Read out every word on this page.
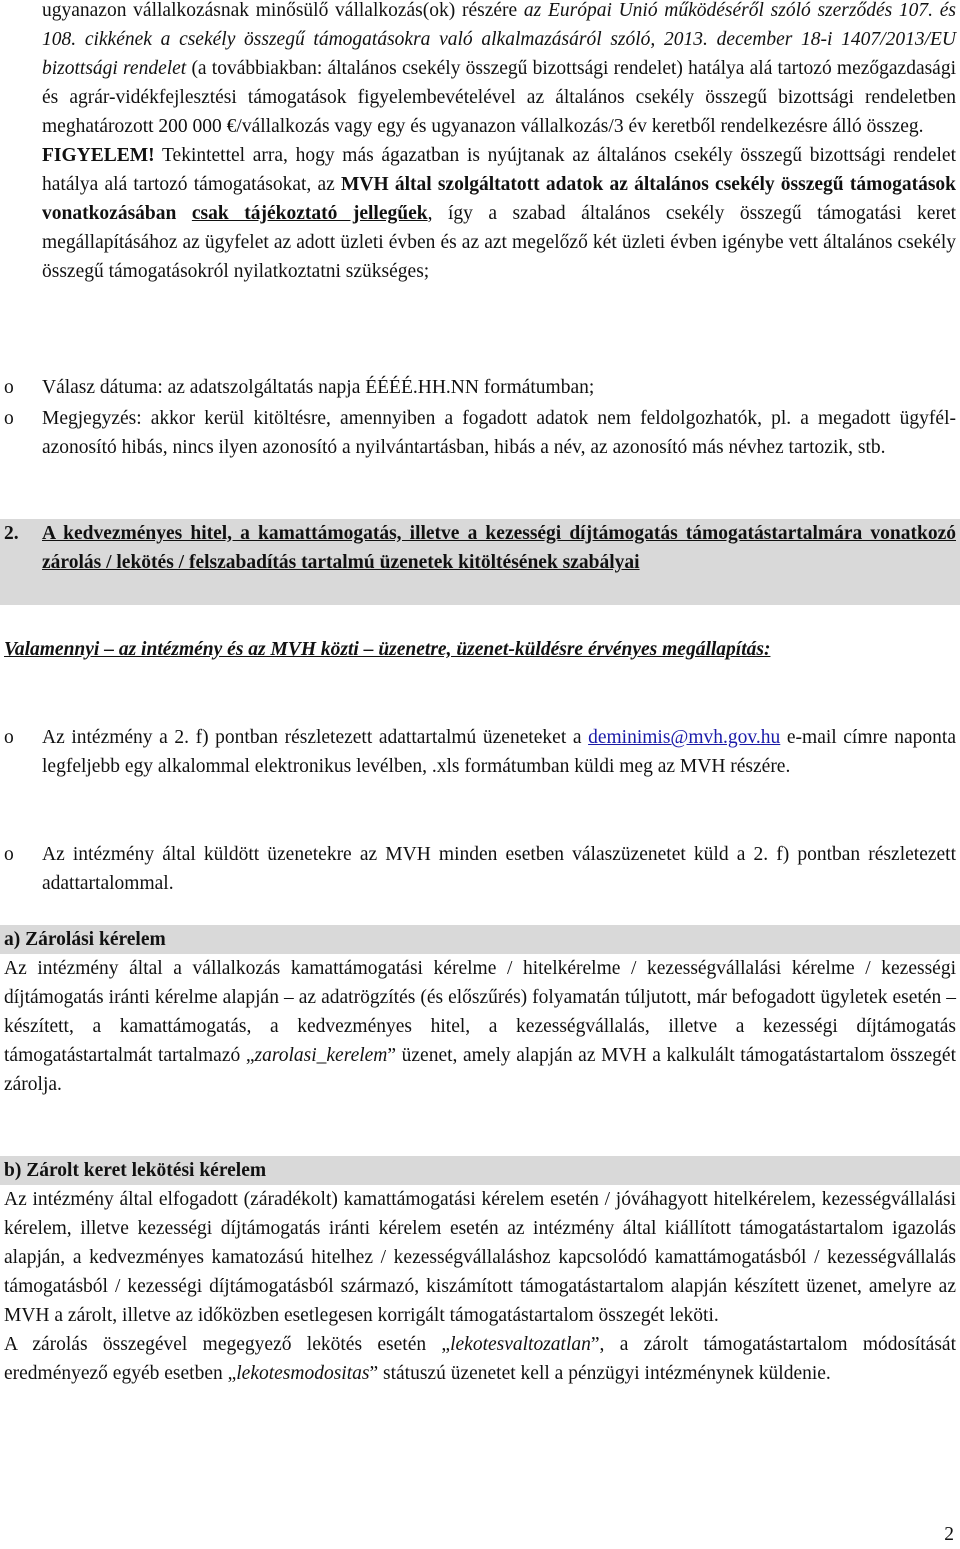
ugyanazon vállalkozásnak minősülő vállalkozás(ok) részére az Európai Unió működéséről szóló szerződés 107. és 108. cikkének a csekély összegű támogatásokra való alkalmazásáról szóló, 2013. december 18-i 1407/2013/EU bizottsági rendelet (a továbbiakban: általános csekély összegű bizottsági rendelet) hatálya alá tartozó mezőgazdasági és agrár-vidékfejlesztési támogatások figyelembevételével az általános csekély összegű bizottsági rendeletben meghatározott 200 000 €/vállalkozás vagy egy és ugyanazon vállalkozás/3 év keretből rendelkezésre álló összeg.

FIGYELEM! Tekintettel arra, hogy más ágazatban is nyújtanak az általános csekély összegű bizottsági rendelet hatálya alá tartozó támogatásokat, az MVH által szolgáltatott adatok az általános csekély összegű támogatások vonatkozásában csak tájékoztató jellegűek, így a szabad általános csekély összegű támogatási keret megállapításához az ügyfelet az adott üzleti évben és az azt megelőző két üzleti évben igénybe vett általános csekély összegű támogatásokról nyilatkoztatni szükséges;

o	Válasz dátuma: az adatszolgáltatás napja ÉÉÉÉ.HH.NN formátumban;

o	Megjegyzés: akkor kerül kitöltésre, amennyiben a fogadott adatok nem feldolgozhatók, pl. a megadott ügyfél-azonosító hibás, nincs ilyen azonosító a nyilvántartásban, hibás a név, az azonosító más névhez tartozik, stb.

2.	A kedvezményes hitel, a kamattámogatás, illetve a kezességi díjtámogatás támogatástartalmára vonatkozó zárolás / lekötés / felszabadítás tartalmú üzenetek kitöltésének szabályai

Valamennyi – az intézmény és az MVH közti – üzenetre, üzenet-küldésre érvényes megállapítás:

o	Az intézmény a 2. f) pontban részletezett adattartalmú üzeneteket a deminimis@mvh.gov.hu e-mail címre naponta legfeljebb egy alkalommal elektronikus levélben, .xls formátumban küldi meg az MVH részére.

o	Az intézmény által küldött üzenetekre az MVH minden esetben válaszüzenetet küld a 2. f) pontban részletezett adattartalommal.

a) Zárolási kérelem

Az intézmény által a vállalkozás kamattámogatási kérelme / hitelkérelme / kezességvállalási kérelme / kezességi díjtámogatás iránti kérelme alapján – az adatrögzítés (és előszűrés) folyamatán túljutott, már befogadott ügyletek esetén – készített, a kamattámogatás, a kedvezményes hitel, a kezességvállalás, illetve a kezességi díjtámogatás támogatástartalmát tartalmazó „zarolasi_kerelem” üzenet, amely alapján az MVH a kalkulált támogatástartalom összegét zárolja.

b) Zárolt keret lekötési kérelem

Az intézmény által elfogadott (záradékolt) kamattámogatási kérelem esetén / jóváhagyott hitelkérelem, kezességvállalási kérelem, illetve kezességi díjtámogatás iránti kérelem esetén az intézmény által kiállított támogatástartalom igazolás alapján, a kedvezményes kamatozású hitelhez / kezességvállaláshoz kapcsolódó kamattámogatásból / kezességvállalás támogatásból / kezességi díjtámogatásból származó, kiszámított támogatástartalom alapján készített üzenet, amelyre az MVH a zárolt, illetve az időközben esetlegesen korrigált támogatástartalom összegét leköti.

A zárolás összegével megegyező lekötés esetén „lekotesvaltozatlan”, a zárolt támogatástartalom módosítását eredményező egyéb esetben „lekotesmodositas” státuszú üzenetet kell a pénzügyi intézménynek küldenie.

2
